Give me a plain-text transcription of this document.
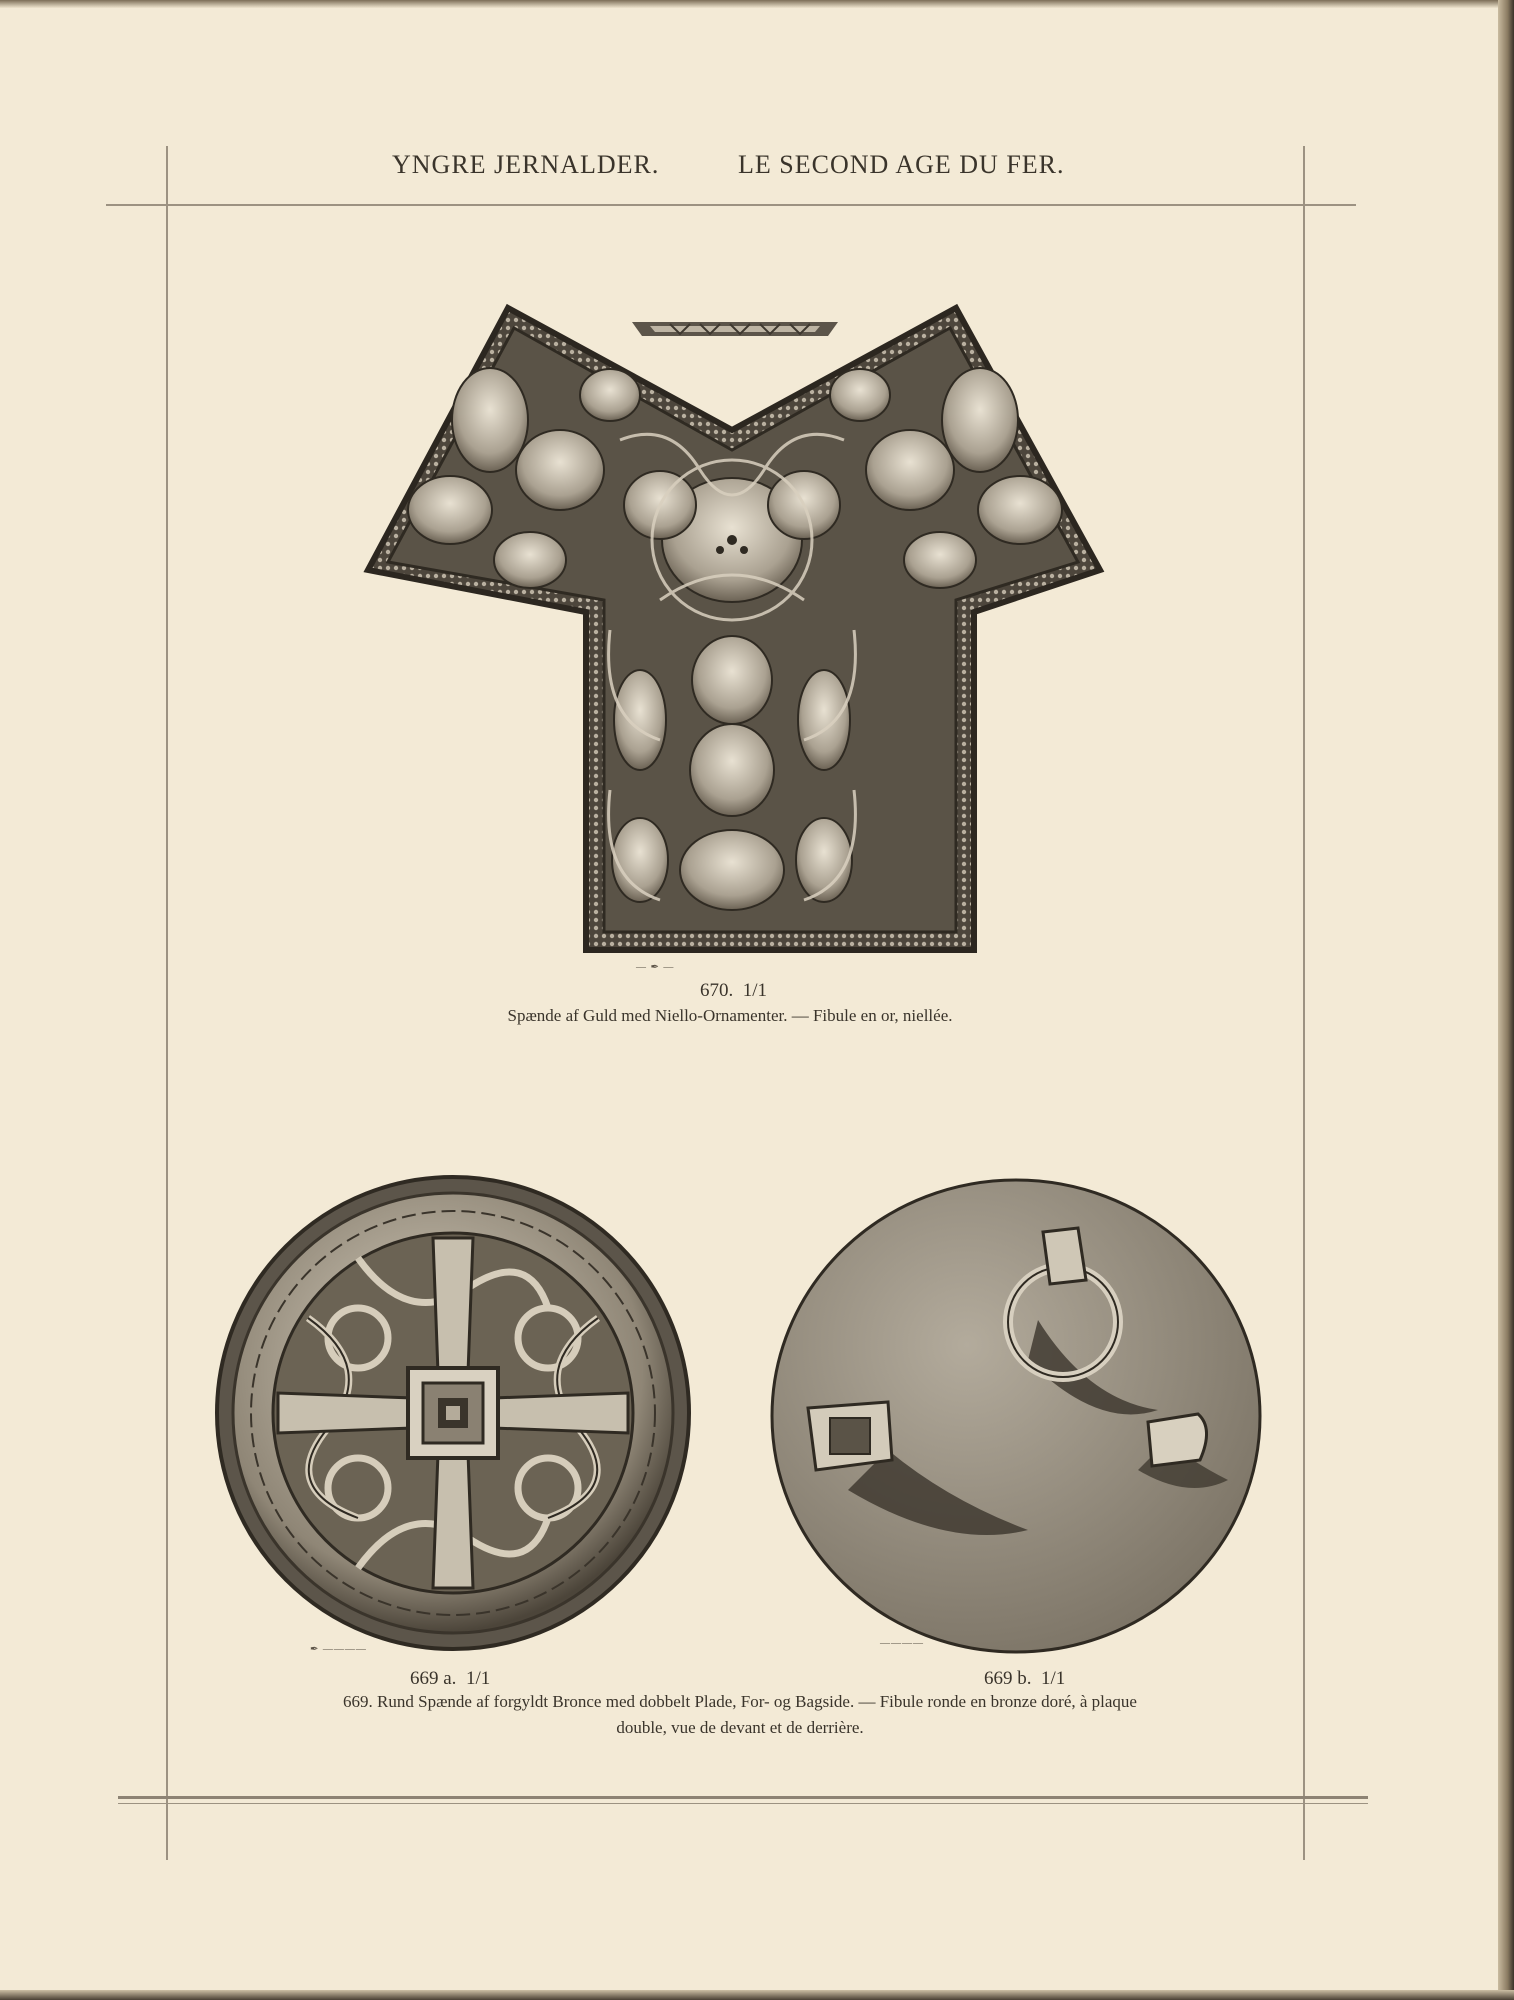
YNGRE JERNALDER.	LE SECOND AGE DU FER.
— ✒ —
670. 1/1
Spænde af Guld med Niello-Ornamenter. — Fibule en or, niellée.
✒ ————
————
669 a. 1/1	669 b. 1/1
669. Rund Spænde af forgyldt Bronce med dobbelt Plade, For- og Bagside. — Fibule ronde en bronze doré, à plaque
double, vue de devant et de derrière.
